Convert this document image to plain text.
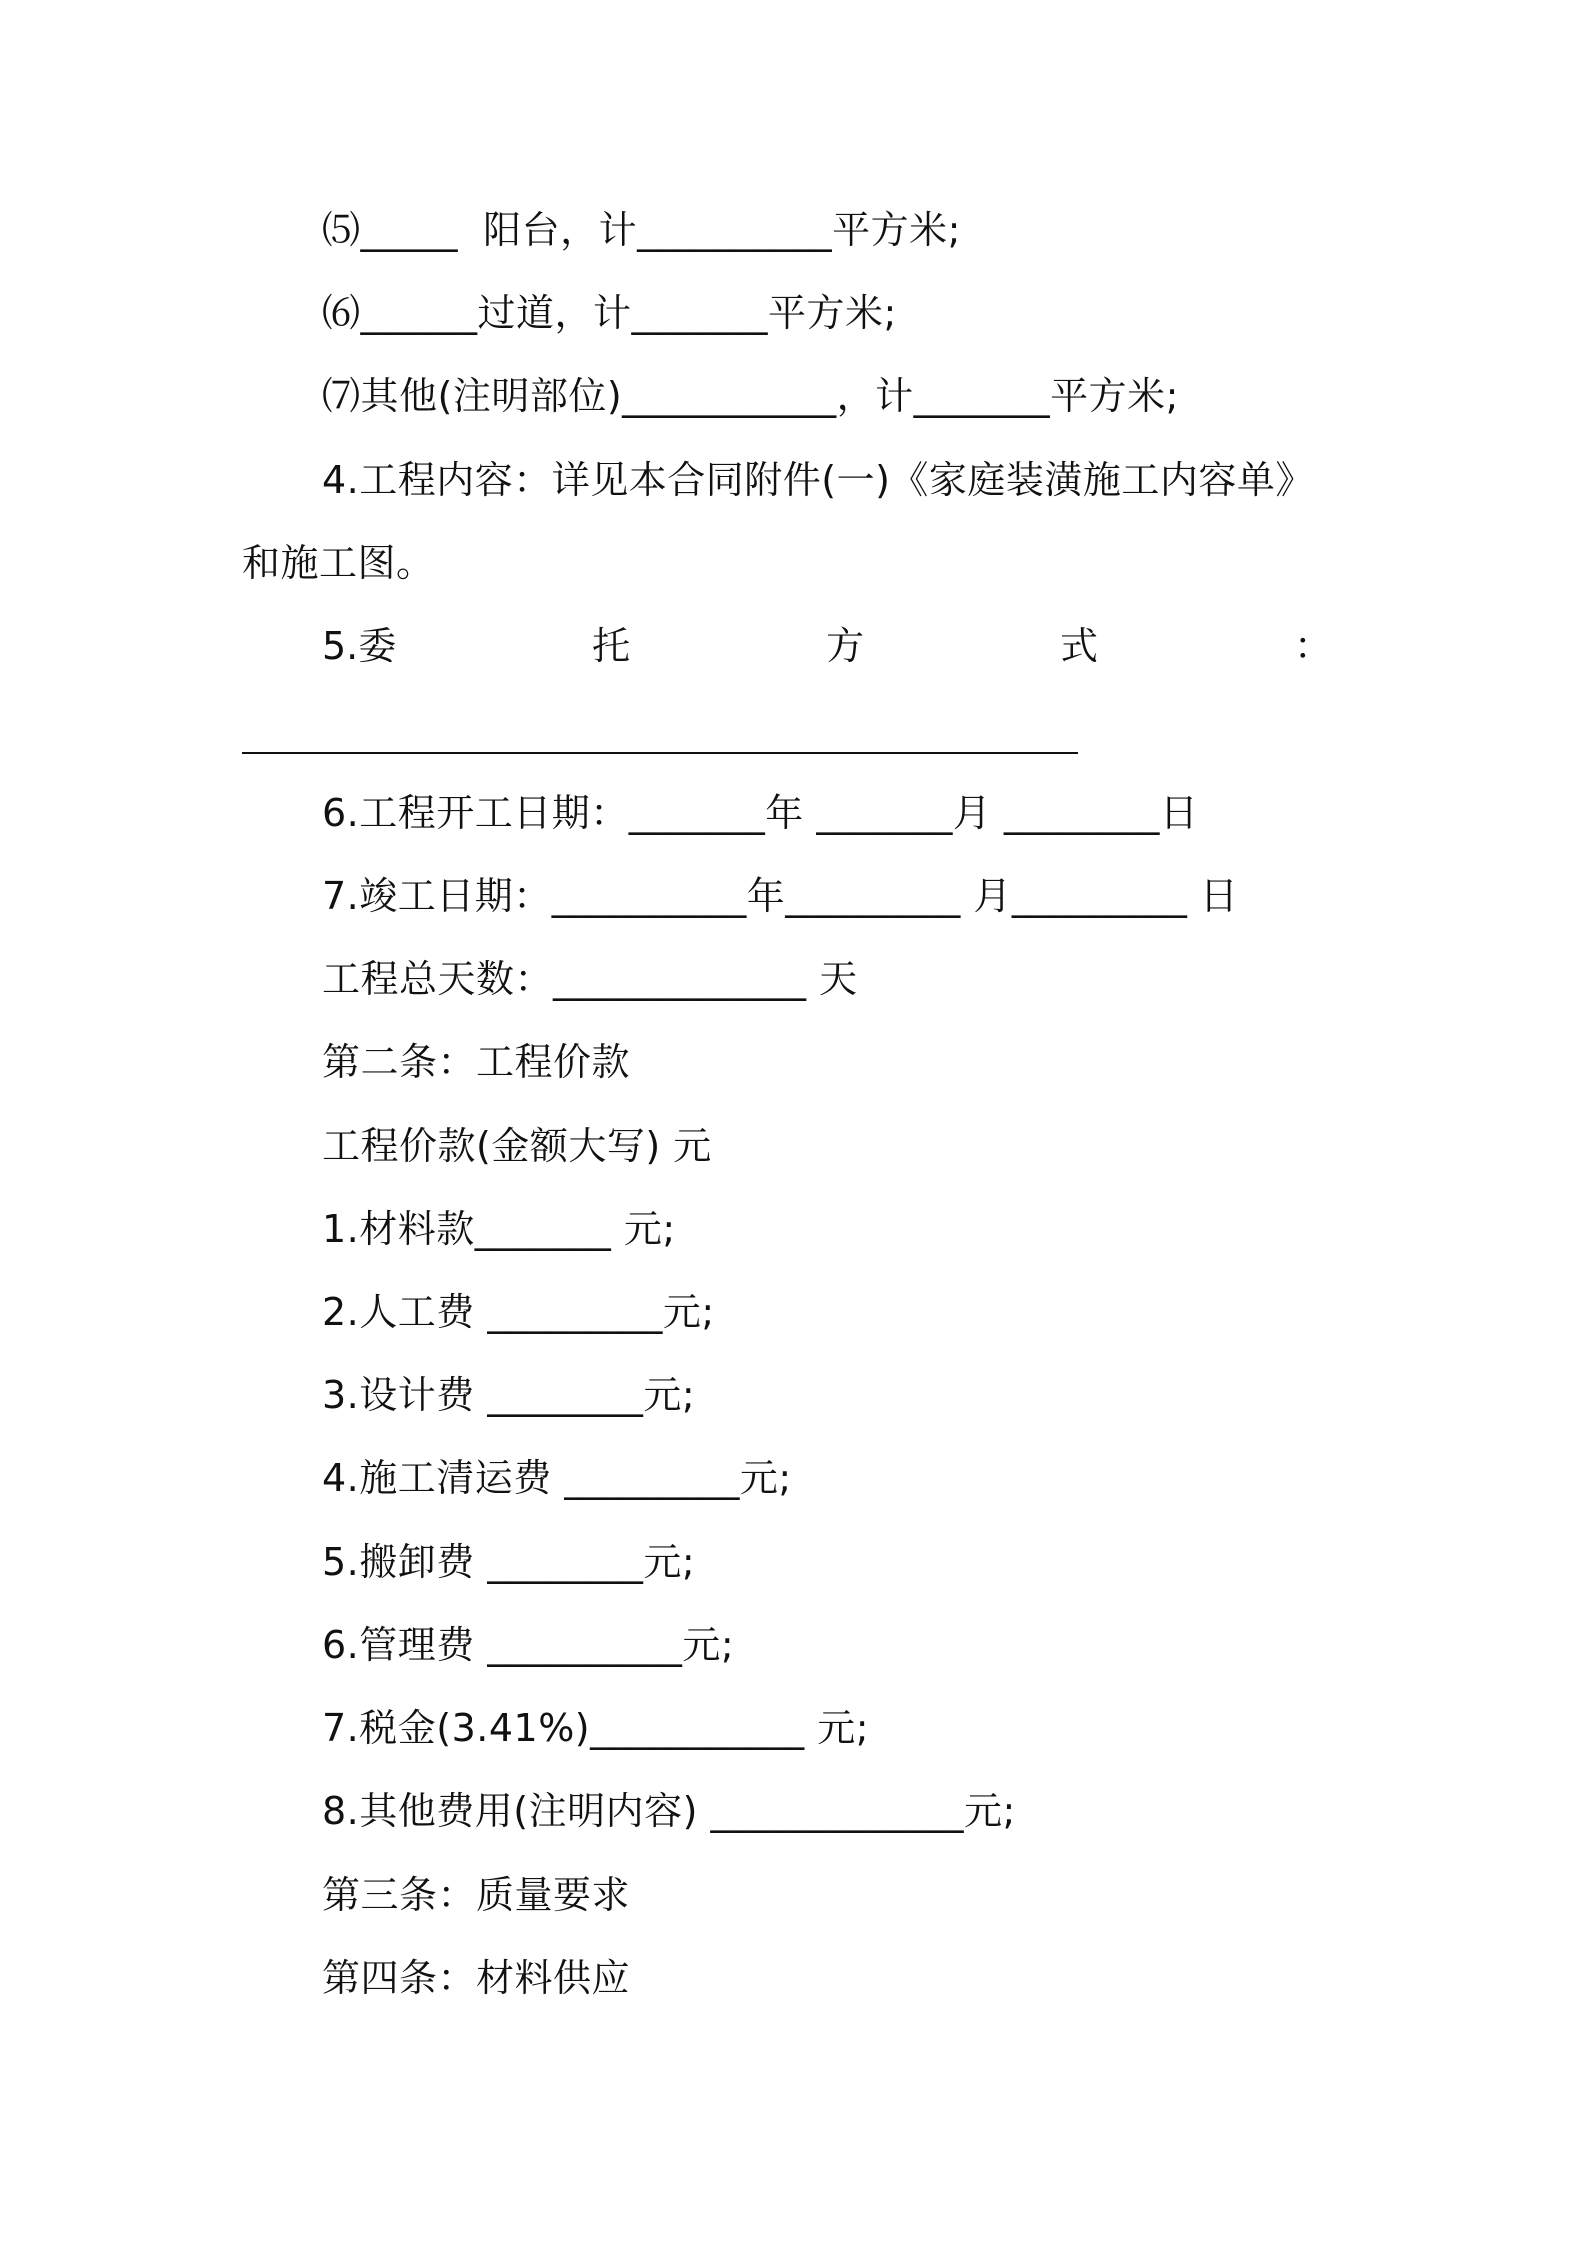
⑸_____  阳台，计__________平方米;
⑹______过道，计_______平方米;
⑺其他(注明部位)___________，计_______平方米;
4.工程内容：详见本合同附件(一)《家庭装潢施工内容单》
和施工图。
5.委	托	方	式	：
6.工程开工日期：_______年 _______月 ________日
7.竣工日期：__________年_________ 月_________ 日
工程总天数：_____________ 天
第二条：工程价款
工程价款(金额大写) 元
1.材料款_______ 元;
2.人工费 _________元;
3.设计费 ________元;
4.施工清运费 _________元;
5.搬卸费 ________元;
6.管理费 __________元;
7.税金(3.41%)___________ 元;
8.其他费用(注明内容) _____________元;
第三条：质量要求
第四条：材料供应
